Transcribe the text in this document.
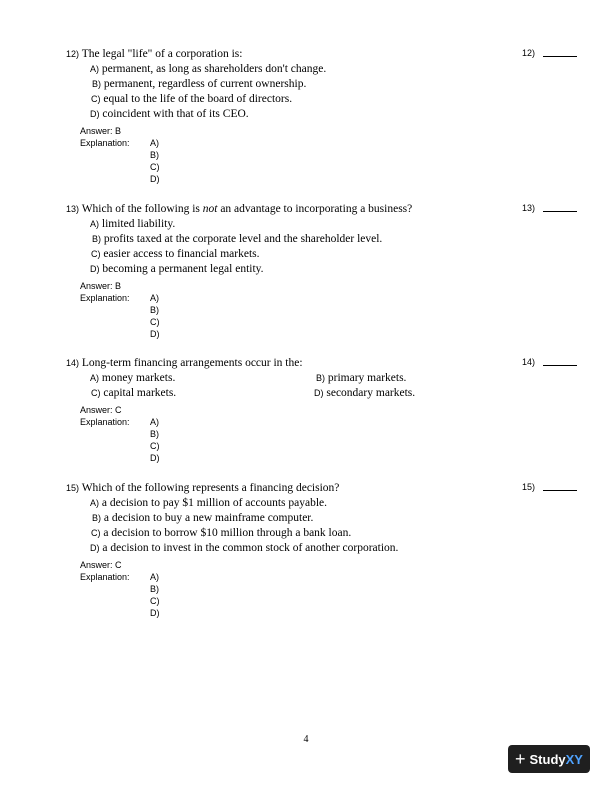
12) The legal "life" of a corporation is:	12)
A) permanent, as long as shareholders don't change.
B) permanent, regardless of current ownership.
C) equal to the life of the board of directors.
D) coincident with that of its CEO.
Answer: B
Explanation: A)
B)
C)
D)
13) Which of the following is not an advantage to incorporating a business?	13)
A) limited liability.
B) profits taxed at the corporate level and the shareholder level.
C) easier access to financial markets.
D) becoming a permanent legal entity.
Answer: B
Explanation: A)
B)
C)
D)
14) Long-term financing arrangements occur in the:	14)
A) money markets.	B) primary markets.
C) capital markets.	D) secondary markets.
Answer: C
Explanation: A)
B)
C)
D)
15) Which of the following represents a financing decision?	15)
A) a decision to pay $1 million of accounts payable.
B) a decision to buy a new mainframe computer.
C) a decision to borrow $10 million through a bank loan.
D) a decision to invest in the common stock of another corporation.
Answer: C
Explanation: A)
B)
C)
D)
4
+ Study XY
